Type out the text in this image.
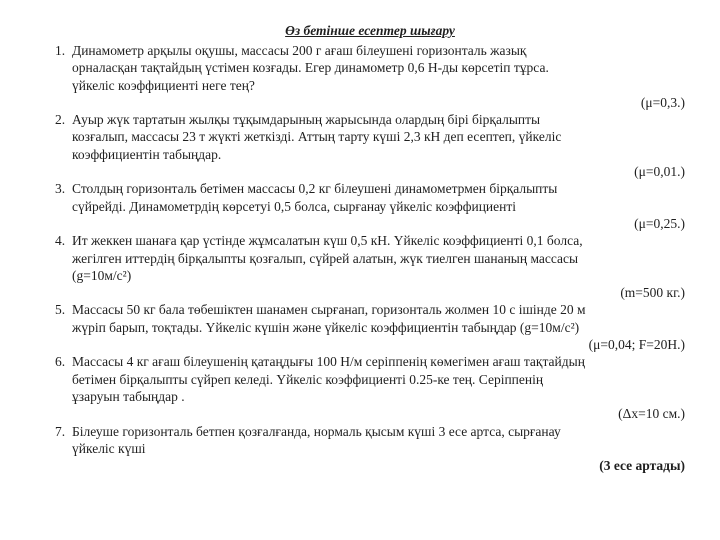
Өз бетінше есептер шығару
1. Динамометр арқылы оқушы, массасы 200 г ағаш білеушені горизонталь жазық
орналасқан тақтайдың үстімен козғады. Егер динамометр 0,6 Н-ды көрсетіп тұрса.
үйкеліс коэффициенті неге тең?
(μ=0,3.)
2. Ауыр жүк тартатын жылқы тұқымдарының жарысында олардың бірі бірқалыпты
козғалып, массасы 23 т жүкті жеткізді. Аттың тарту күші 2,3 кН деп есептеп, үйкеліс
коэффициентін табыңдар.
(μ=0,01.)
3. Столдың горизонталь бетімен массасы 0,2 кг білеушені динамометрмен бірқалыпты
сүйрейді. Динамометрдің көрсетуі 0,5 болса, сырғанау үйкеліс коэффициенті
(μ=0,25.)
4. Ит жеккен шанаға қар үстінде жұмсалатын күш 0,5 кН. Үйкеліс коэффициенті 0,1 болса,
жегілген иттердің бірқалыпты қозғалып, сүйрей алатын, жүк тиелген шананың массасы
(g=10м/с²)
(m=500 кг.)
5. Массасы 50 кг бала төбешіктен шанамен сырғанап, горизонталь жолмен 10 с ішінде 20 м
жүріп барып, тоқтады. Үйкеліс күшін және үйкеліс коэффициентін табыңдар (g=10м/с²)
(μ=0,04; F=20Н.)
6. Массасы 4 кг ағаш білеушенің қатаңдығы 100 Н/м серіппенің көмегімен ағаш тақтайдың
бетімен бірқалыпты сүйреп келеді. Үйкеліс коэффициенті 0.25-ке тең. Серіппенің
ұзаруын табыңдар .
(Δx=10 см.)
7. Білеуше горизонталь бетпен қозғалғанда, нормаль қысым күші 3 есе артса, сырғанау
үйкеліс күші
(3 есе артады)
